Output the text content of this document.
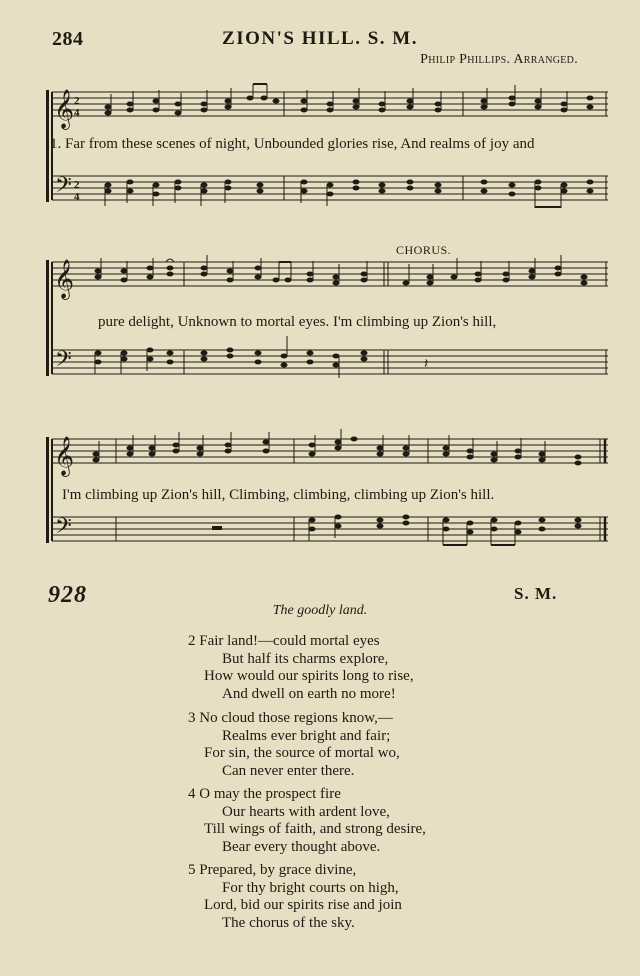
284	ZION'S HILL. S. M.
Philip Phillips. Arranged.
𝄞
𝄢
2
4
2
4
1. Far from these scenes of night, Unbounded glories rise, And realms of joy and
CHORUS.
𝄞
𝄢	𝄽
pure delight, Unknown to mortal eyes. I'm climbing up Zion's hill,
𝄞
𝄢
I'm climbing up Zion's hill, Climbing, climbing, climbing up Zion's hill.
928	S. M.
The goodly land.
2 Fair land!—could mortal eyes
But half its charms explore,
How would our spirits long to rise,
And dwell on earth no more!
3 No cloud those regions know,—
Realms ever bright and fair;
For sin, the source of mortal wo,
Can never enter there.
4 O may the prospect fire
Our hearts with ardent love,
Till wings of faith, and strong desire,
Bear every thought above.
5 Prepared, by grace divine,
For thy bright courts on high,
Lord, bid our spirits rise and join
The chorus of the sky.
